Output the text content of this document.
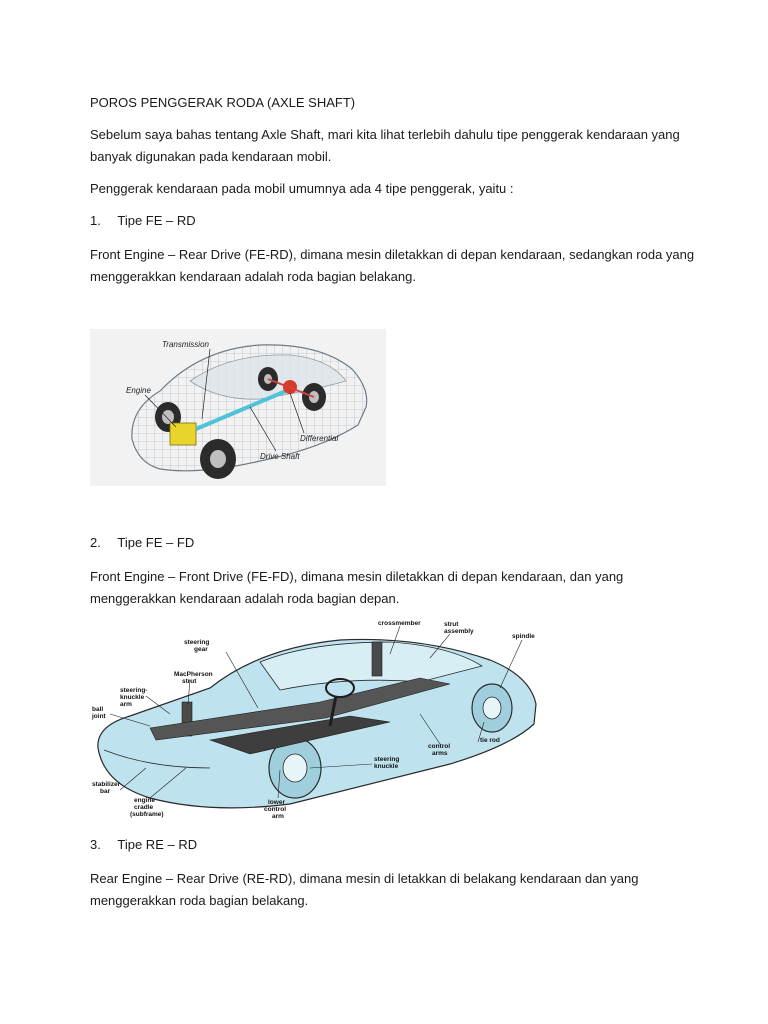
POROS PENGGERAK RODA (AXLE SHAFT)
Sebelum saya bahas tentang Axle Shaft, mari kita lihat terlebih dahulu tipe penggerak kendaraan yang
banyak digunakan pada kendaraan mobil.
Penggerak kendaraan pada mobil umumnya ada 4 tipe penggerak, yaitu :
1. Tipe FE – RD
Front Engine – Rear Drive (FE-RD), dimana mesin diletakkan di depan kendaraan, sedangkan roda yang
menggerakkan kendaraan adalah roda bagian belakang.
Transmission
Engine
Differential
Drive Shaft
2. Tipe FE – FD
Front Engine – Front Drive (FE-FD), dimana mesin diletakkan di depan kendaraan, dan yang
menggerakkan kendaraan adalah roda bagian depan.
crossmember	strut
assembly
spindle
steering
gear
MacPherson
strut
steering-
knuckle
arm
ball
joint
control
arms
tie rod
steering
knuckle
stabilizer
bar
engine
cradle
(subframe)
lower
control
arm
3. Tipe RE – RD
Rear Engine – Rear Drive (RE-RD), dimana mesin di letakkan di belakang kendaraan dan yang
menggerakkan roda bagian belakang.
